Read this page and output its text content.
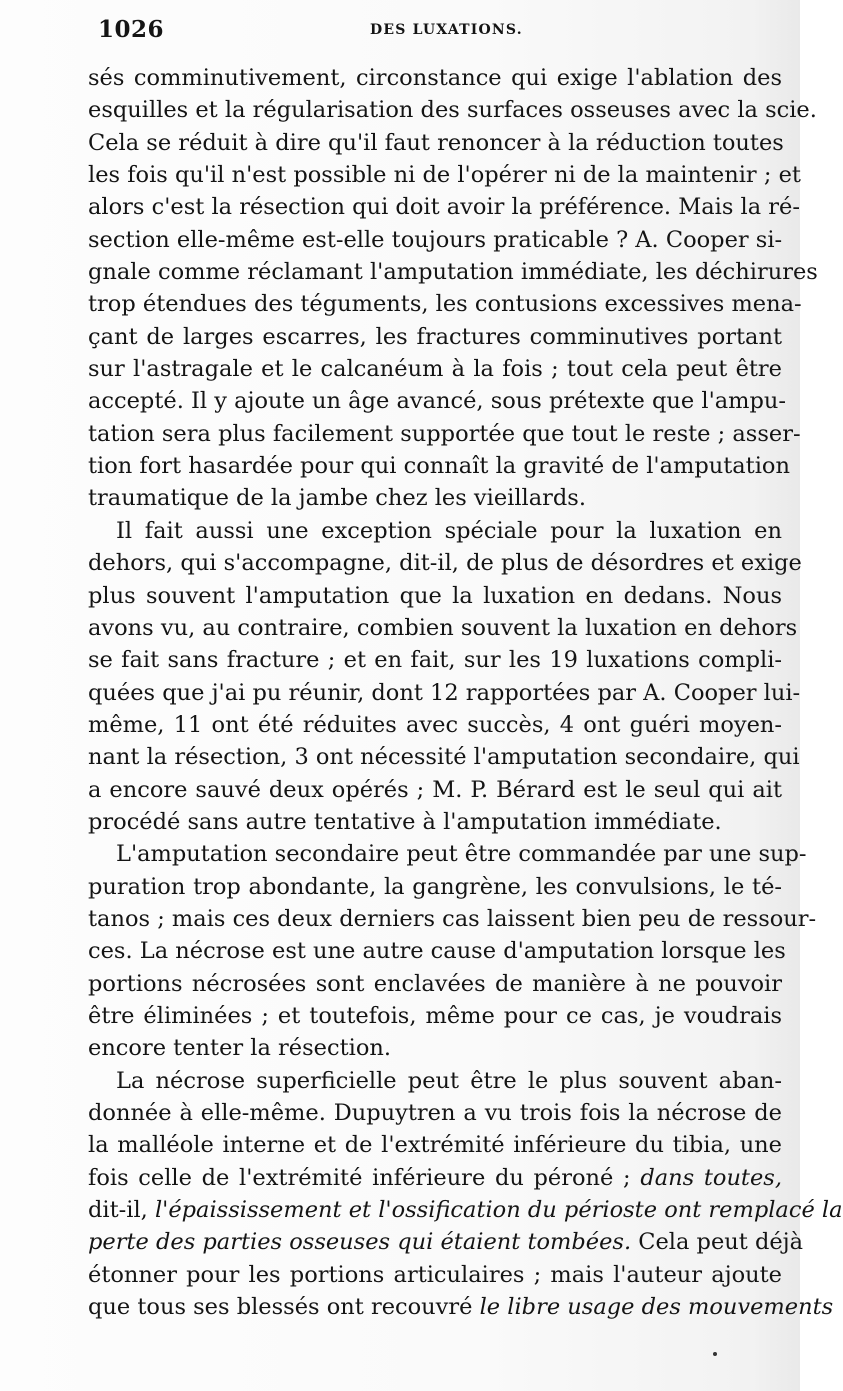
1026	DES LUXATIONS.
sés comminutivement, circonstance qui exige l'ablation des
esquilles et la régularisation des surfaces osseuses avec la scie.
Cela se réduit à dire qu'il faut renoncer à la réduction toutes
les fois qu'il n'est possible ni de l'opérer ni de la maintenir ; et
alors c'est la résection qui doit avoir la préférence. Mais la ré-
section elle-même est-elle toujours praticable ? A. Cooper si-
gnale comme réclamant l'amputation immédiate, les déchirures
trop étendues des téguments, les contusions excessives mena-
çant de larges escarres, les fractures comminutives portant
sur l'astragale et le calcanéum à la fois ; tout cela peut être
accepté. Il y ajoute un âge avancé, sous prétexte que l'ampu-
tation sera plus facilement supportée que tout le reste ; asser-
tion fort hasardée pour qui connaît la gravité de l'amputation
traumatique de la jambe chez les vieillards.
Il fait aussi une exception spéciale pour la luxation en
dehors, qui s'accompagne, dit-il, de plus de désordres et exige
plus souvent l'amputation que la luxation en dedans. Nous
avons vu, au contraire, combien souvent la luxation en dehors
se fait sans fracture ; et en fait, sur les 19 luxations compli-
quées que j'ai pu réunir, dont 12 rapportées par A. Cooper lui-
même, 11 ont été réduites avec succès, 4 ont guéri moyen-
nant la résection, 3 ont nécessité l'amputation secondaire, qui
a encore sauvé deux opérés ; M. P. Bérard est le seul qui ait
procédé sans autre tentative à l'amputation immédiate.
L'amputation secondaire peut être commandée par une sup-
puration trop abondante, la gangrène, les convulsions, le té-
tanos ; mais ces deux derniers cas laissent bien peu de ressour-
ces. La nécrose est une autre cause d'amputation lorsque les
portions nécrosées sont enclavées de manière à ne pouvoir
être éliminées ; et toutefois, même pour ce cas, je voudrais
encore tenter la résection.
La nécrose superficielle peut être le plus souvent aban-
donnée à elle-même. Dupuytren a vu trois fois la nécrose de
la malléole interne et de l'extrémité inférieure du tibia, une
fois celle de l'extrémité inférieure du péroné ; dans toutes,
dit-il, l'épaississement et l'ossification du périoste ont remplacé la
perte des parties osseuses qui étaient tombées. Cela peut déjà
étonner pour les portions articulaires ; mais l'auteur ajoute
que tous ses blessés ont recouvré le libre usage des mouvements
